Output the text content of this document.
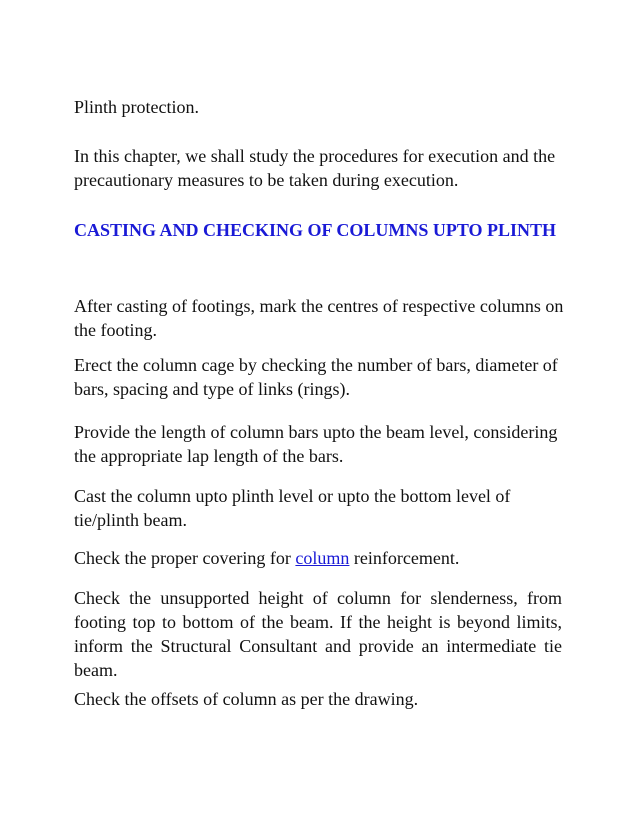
Plinth protection.

In this chapter, we shall study the procedures for execution and the precautionary measures to be taken during execution.

CASTING AND CHECKING OF COLUMNS UPTO PLINTH

After casting of footings, mark the centres of respective columns on the footing.

Erect the column cage by checking the number of bars, diameter of bars, spacing and type of links (rings).

Provide the length of column bars upto the beam level, considering the appropriate lap length of the bars.

Cast the column upto plinth level or upto the bottom level of tie/plinth beam.

Check the proper covering for column reinforcement.

Check the unsupported height of column for slenderness, from footing top to bottom of the beam. If the height is beyond limits, inform the Structural Consultant and provide an intermediate tie beam.

Check the offsets of column as per the drawing.
